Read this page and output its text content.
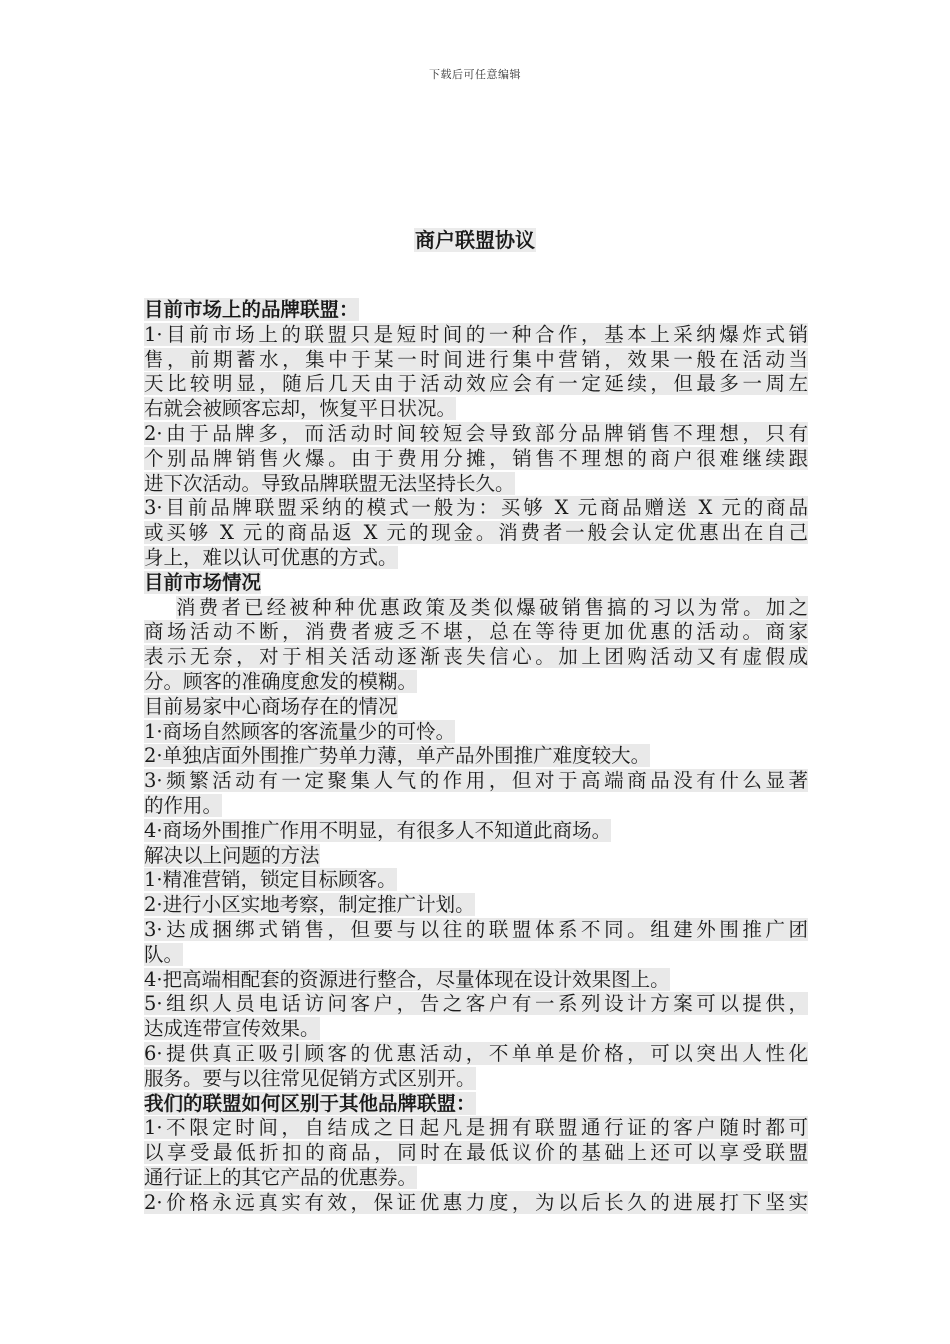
下载后可任意编辑
商户联盟协议
目前市场上的品牌联盟：
1·目前市场上的联盟只是短时间的一种合作，基本上采纳爆炸式销
售，前期蓄水，集中于某一时间进行集中营销，效果一般在活动当
天比较明显，随后几天由于活动效应会有一定延续，但最多一周左
右就会被顾客忘却，恢复平日状况。
2·由于品牌多，而活动时间较短会导致部分品牌销售不理想，只有
个别品牌销售火爆。由于费用分摊，销售不理想的商户很难继续跟
进下次活动。导致品牌联盟无法坚持长久。
3·目前品牌联盟采纳的模式一般为：买够 X 元商品赠送 X 元的商品
或买够 X 元的商品返 X 元的现金。消费者一般会认定优惠出在自己
身上，难以认可优惠的方式。
目前市场情况
消费者已经被种种优惠政策及类似爆破销售搞的习以为常。加之
商场活动不断，消费者疲乏不堪，总在等待更加优惠的活动。商家
表示无奈，对于相关活动逐渐丧失信心。加上团购活动又有虚假成
分。顾客的准确度愈发的模糊。
目前易家中心商场存在的情况
1·商场自然顾客的客流量少的可怜。
2·单独店面外围推广势单力薄，单产品外围推广难度较大。
3·频繁活动有一定聚集人气的作用，但对于高端商品没有什么显著
的作用。
4·商场外围推广作用不明显，有很多人不知道此商场。
解决以上问题的方法
1·精准营销，锁定目标顾客。
2·进行小区实地考察，制定推广计划。
3·达成捆绑式销售，但要与以往的联盟体系不同。组建外围推广团
队。
4·把高端相配套的资源进行整合，尽量体现在设计效果图上。
5·组织人员电话访问客户，告之客户有一系列设计方案可以提供，
达成连带宣传效果。
6·提供真正吸引顾客的优惠活动，不单单是价格，可以突出人性化
服务。要与以往常见促销方式区别开。
我们的联盟如何区别于其他品牌联盟：
1·不限定时间，自结成之日起凡是拥有联盟通行证的客户随时都可
以享受最低折扣的商品，同时在最低议价的基础上还可以享受联盟
通行证上的其它产品的优惠券。
2·价格永远真实有效，保证优惠力度，为以后长久的进展打下坚实
